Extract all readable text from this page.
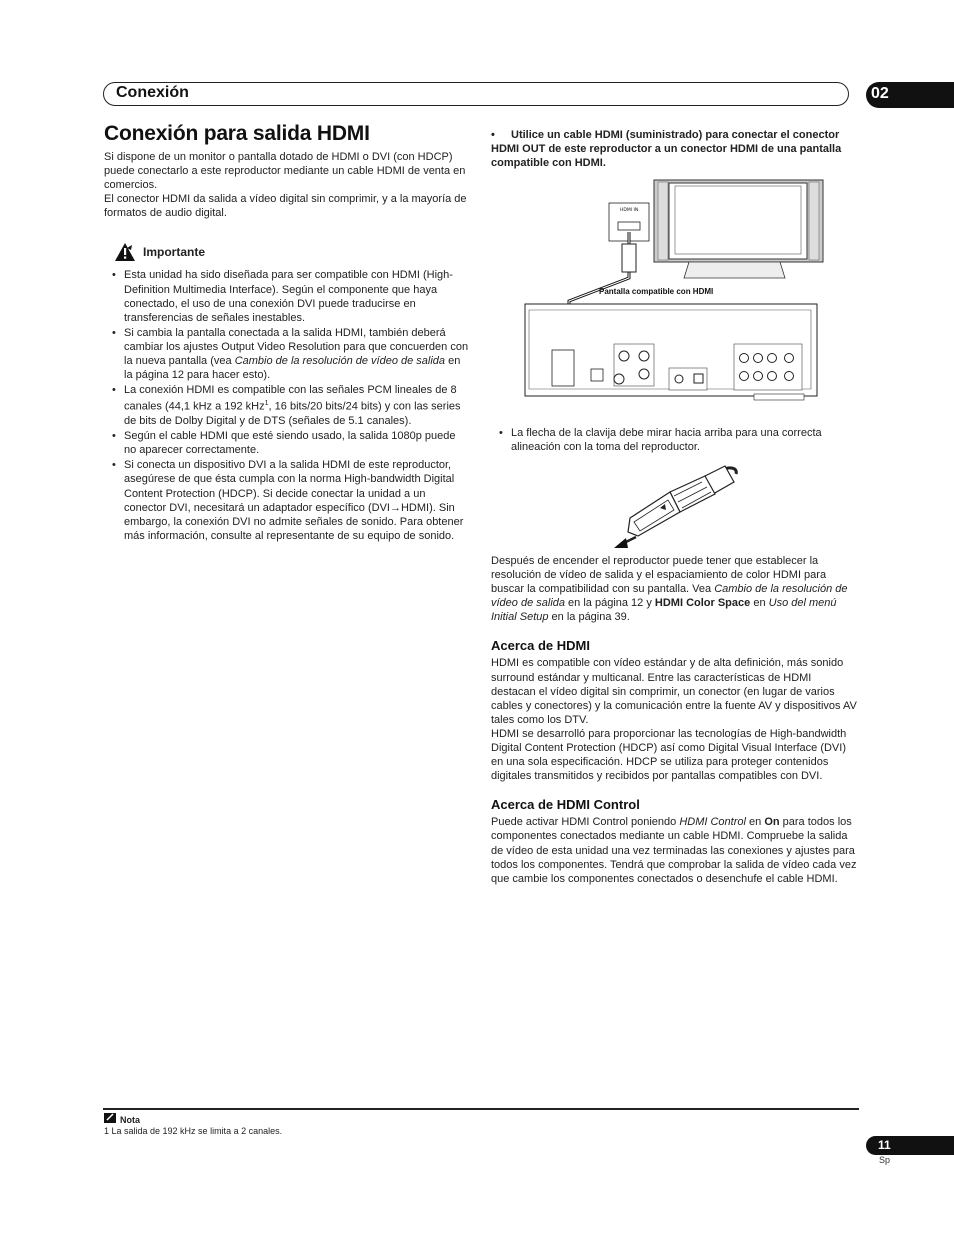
Conexión	02
Conexión para salida HDMI

Si dispone de un monitor o pantalla dotado de HDMI o DVI (con HDCP) puede conectarlo a este reproductor mediante un cable HDMI de venta en comercios.

El conector HDMI da salida a vídeo digital sin comprimir, y a la mayoría de formatos de audio digital.

Importante
• Esta unidad ha sido diseñada para ser compatible con HDMI (High-Definition Multimedia Interface). Según el componente que haya conectado, el uso de una conexión DVI puede traducirse en transferencias de señales inestables.
• Si cambia la pantalla conectada a la salida HDMI, también deberá cambiar los ajustes Output Video Resolution para que concuerden con la nueva pantalla (vea Cambio de la resolución de vídeo de salida en la página 12 para hacer esto).
• La conexión HDMI es compatible con las señales PCM lineales de 8 canales (44,1 kHz a 192 kHz$^1$, 16 bits/20 bits/24 bits) y con las series de bits de Dolby Digital y de DTS (señales de 5.1 canales).
• Según el cable HDMI que esté siendo usado, la salida 1080p puede no aparecer correctamente.
• Si conecta un dispositivo DVI a la salida HDMI de este reproductor, asegúrese de que ésta cumpla con la norma High-bandwidth Digital Content Protection (HDCP). Si decide conectar la unidad a un conector DVI, necesitará un adaptador específico (DVI→HDMI). Sin embargo, la conexión DVI no admite señales de sonido. Para obtener más información, consulte al representante de su equipo de sonido.
• Utilice un cable HDMI (suministrado) para conectar el conector HDMI OUT de este reproductor a un conector HDMI de una pantalla compatible con HDMI.
HDMI IN
Pantalla compatible con HDMI
• La flecha de la clavija debe mirar hacia arriba para una correcta alineación con la toma del reproductor.

Después de encender el reproductor puede tener que establecer la resolución de vídeo de salida y el espaciamiento de color HDMI para buscar la compatibilidad con su pantalla. Vea Cambio de la resolución de vídeo de salida en la página 12 y HDMI Color Space en Uso del menú Initial Setup en la página 39.

Acerca de HDMI

HDMI es compatible con vídeo estándar y de alta definición, más sonido surround estándar y multicanal. Entre las características de HDMI destacan el vídeo digital sin comprimir, un conector (en lugar de varios cables y conectores) y la comunicación entre la fuente AV y dispositivos AV tales como los DTV.

HDMI se desarrolló para proporcionar las tecnologías de High-bandwidth Digital Content Protection (HDCP) así como Digital Visual Interface (DVI) en una sola especificación. HDCP se utiliza para proteger contenidos digitales transmitidos y recibidos por pantallas compatibles con DVI.

Acerca de HDMI Control

Puede activar HDMI Control poniendo HDMI Control en On para todos los componentes conectados mediante un cable HDMI. Compruebe la salida de vídeo de esta unidad una vez terminadas las conexiones y ajustes para todos los componentes. Tendrá que comprobar la salida de vídeo cada vez que cambie los componentes conectados o desenchufe el cable HDMI.

Nota
1 La salida de 192 kHz se limita a 2 canales.
11
Sp
